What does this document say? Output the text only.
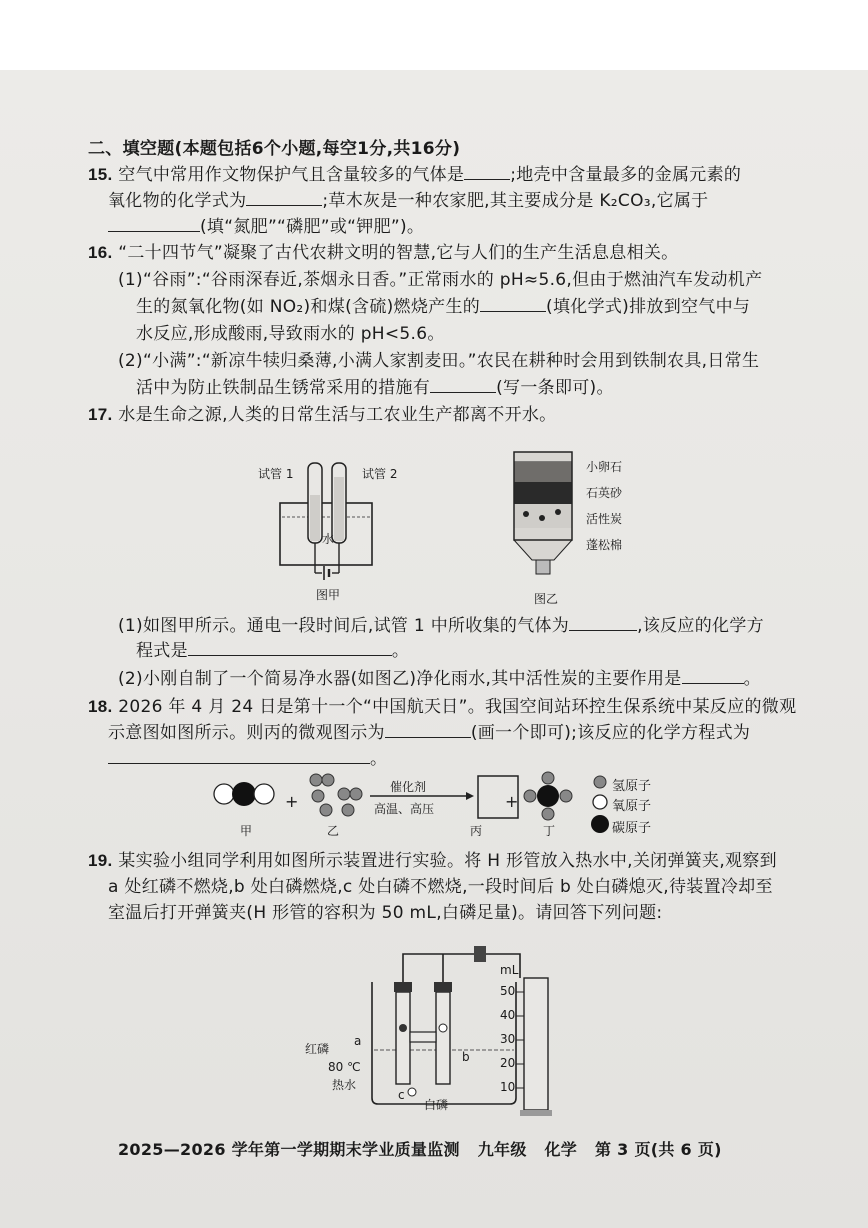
二、填空题(本题包括6个小题,每空1分,共16分)
15. 空气中常用作文物保护气且含量较多的气体是	;地壳中含量最多的金属元素的
氧化物的化学式为	;草木灰是一种农家肥,其主要成分是 K₂CO₃,它属于
(填“氮肥”“磷肥”或“钾肥”)。
16. “二十四节气”凝聚了古代农耕文明的智慧,它与人们的生产生活息息相关。
(1)“谷雨”:“谷雨深春近,茶烟永日香。”正常雨水的 pH≈5.6,但由于燃油汽车发动机产
生的氮氧化物(如 NO₂)和煤(含硫)燃烧产生的	(填化学式)排放到空气中与
水反应,形成酸雨,导致雨水的 pH<5.6。
(2)“小满”:“新凉牛犊归桑薄,小满人家割麦田。”农民在耕种时会用到铁制农具,日常生
活中为防止铁制品生锈常采用的措施有	(写一条即可)。
17. 水是生命之源,人类的日常生活与工农业生产都离不开水。
试管 1	试管 2
水
图甲
小卵石
石英砂
活性炭
蓬松棉
图乙
(1)如图甲所示。通电一段时间后,试管 1 中所收集的气体为	,该反应的化学方
程式是	。
(2)小刚自制了一个简易净水器(如图乙)净化雨水,其中活性炭的主要作用是	。
18. 2026 年 4 月 24 日是第十一个“中国航天日”。我国空间站环控生保系统中某反应的微观
示意图如图所示。则丙的微观图示为	(画一个即可);该反应的化学方程式为
。
+	+
催化剂
高温、高压
甲	乙	丙	丁
氢原子
氧原子
碳原子
19. 某实验小组同学利用如图所示装置进行实验。将 H 形管放入热水中,关闭弹簧夹,观察到
a 处红磷不燃烧,b 处白磷燃烧,c 处白磷不燃烧,一段时间后 b 处白磷熄灭,待装置冷却至
室温后打开弹簧夹(H 形管的容积为 50 mL,白磷足量)。请回答下列问题:
红磷
a
b
c
80 ℃
热水
白磷
mL
50
40
30
20
10
2025—2026 学年第一学期期末学业质量监测 九年级 化学 第 3 页(共 6 页)
